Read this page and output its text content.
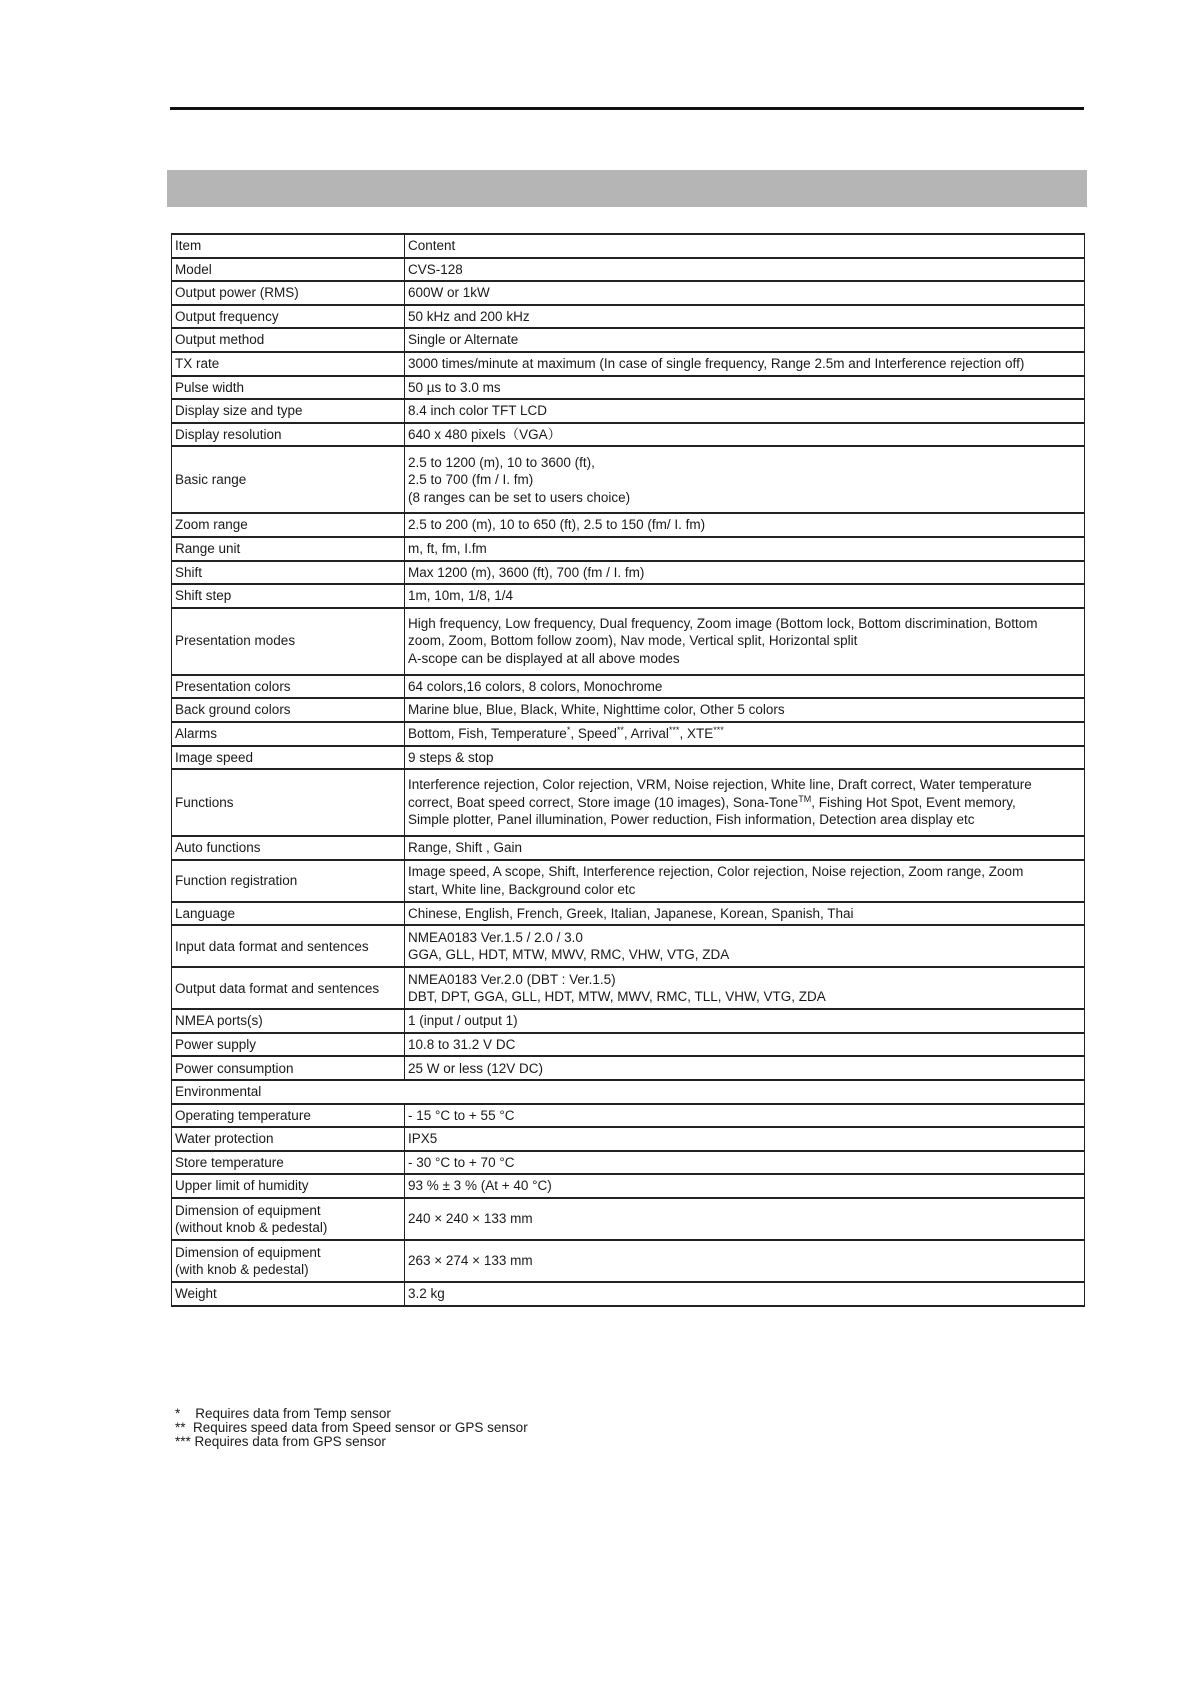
Item	Content

Model	CVS-128

Output power (RMS)	600W or 1kW

Output frequency	50 kHz and 200 kHz

Output method	Single or Alternate

TX rate	3000 times/minute at maximum (In case of single frequency, Range 2.5m and Interference rejection off)

Pulse width	50 µs to 3.0 ms

Display size and type	8.4 inch color TFT LCD

Display resolution	640 x 480 pixels（VGA）

Basic range	2.5 to 1200 (m), 10 to 3600 (ft),
2.5 to 700 (fm / I. fm)
(8 ranges can be set to users choice)

Zoom range	2.5 to 200 (m), 10 to 650 (ft), 2.5 to 150 (fm/ I. fm)

Range unit	m, ft, fm, I.fm

Shift	Max 1200 (m), 3600 (ft), 700 (fm / I. fm)

Shift step	1m, 10m, 1/8, 1/4

Presentation modes	High frequency, Low frequency, Dual frequency, Zoom image (Bottom lock, Bottom discrimination, Bottom
zoom, Zoom, Bottom follow zoom), Nav mode, Vertical split, Horizontal split
A-scope can be displayed at all above modes

Presentation colors	64 colors,16 colors, 8 colors, Monochrome

Back ground colors	Marine blue, Blue, Black, White, Nighttime color, Other 5 colors

Alarms	Bottom, Fish, Temperature*, Speed**, Arrival***, XTE***

Image speed	9 steps & stop

Functions	Interference rejection, Color rejection, VRM, Noise rejection, White line, Draft correct, Water temperature
correct, Boat speed correct, Store image (10 images), Sona-Tone™, Fishing Hot Spot, Event memory,
Simple plotter, Panel illumination, Power reduction, Fish information, Detection area display etc

Auto functions	Range, Shift , Gain

Function registration	Image speed, A scope, Shift, Interference rejection, Color rejection, Noise rejection, Zoom range, Zoom
start, White line, Background color etc

Language	Chinese, English, French, Greek, Italian, Japanese, Korean, Spanish, Thai

Input data format and sentences	NMEA0183 Ver.1.5 / 2.0 / 3.0
GGA, GLL, HDT, MTW, MWV, RMC, VHW, VTG, ZDA

Output data format and sentences	NMEA0183 Ver.2.0 (DBT : Ver.1.5)
DBT, DPT, GGA, GLL, HDT, MTW, MWV, RMC, TLL, VHW, VTG, ZDA

NMEA ports(s)	1 (input / output 1)

Power supply	10.8 to 31.2 V DC

Power consumption	25 W or less (12V DC)

Environmental	

Operating temperature	- 15 °C to + 55 °C

Water protection	IPX5

Store temperature	- 30 °C to + 70 °C

Upper limit of humidity	93 % ± 3 % (At + 40 °C)

Dimension of equipment
(without knob & pedestal)	240 × 240 × 133 mm

Dimension of equipment
(with knob & pedestal)	263 × 274 × 133 mm

Weight	3.2 kg
*    Requires data from Temp sensor
**  Requires speed data from Speed sensor or GPS sensor
*** Requires data from GPS sensor
